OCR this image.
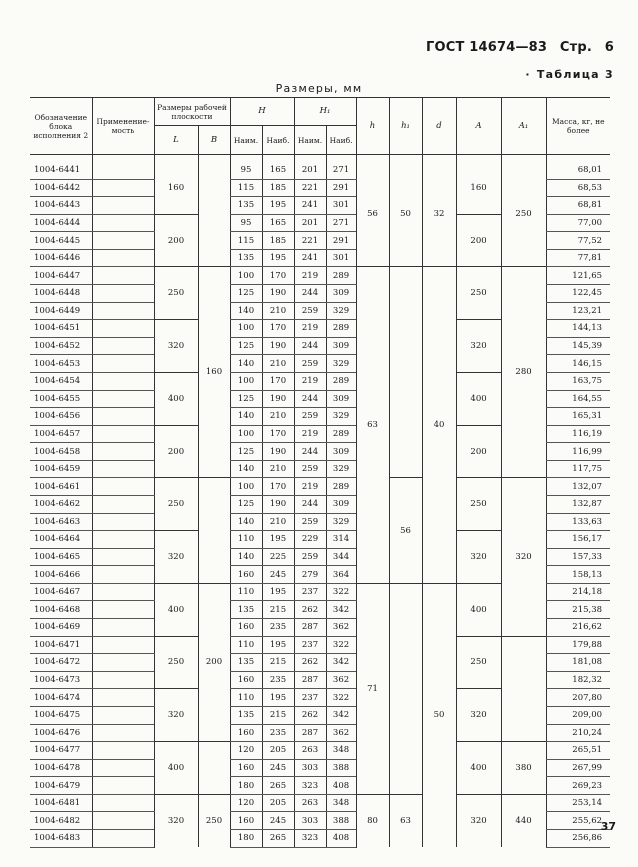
ГОСТ 14674—83 Стр. 6
· Таблица 3
Размеры, мм
Обозначение блока исполнения 2	Применение-мость	Размеры рабочей плоскости		H		H₁		h	h₁	d	A	A₁	Масса, кг, не более
		L	B	Наим.	Наиб.	Наим.	Наиб.						

1004-6441		160		95	165	201	271	56	50	32	160	250	68,01
1004-6442				115	185	221	291						68,53
1004-6443				135	195	241	301						68,81
1004-6444		200		95	165	201	271				200		77,00
1004-6445				115	185	221	291						77,52
1004-6446				135	195	241	301						77,81
1004-6447		250	160	100	170	219	289	63		40	250	280	121,65
1004-6448				125	190	244	309						122,45
1004-6449				140	210	259	329						123,21
1004-6451		320		100	170	219	289				320		144,13
1004-6452				125	190	244	309						145,39
1004-6453				140	210	259	329						146,15
1004-6454		400		100	170	219	289				400		163,75
1004-6455				125	190	244	309						164,55
1004-6456				140	210	259	329						165,31
1004-6457		200		100	170	219	289				200		116,19
1004-6458				125	190	244	309						116,99
1004-6459				140	210	259	329						117,75
1004-6461		250		100	170	219	289		56		250	320	132,07
1004-6462				125	190	244	309						132,87
1004-6463				140	210	259	329						133,63
1004-6464		320		110	195	229	314				320		156,17
1004-6465				140	225	259	344						157,33
1004-6466				160	245	279	364						158,13
1004-6467		400	200	110	195	237	322	71		50	400		214,18
1004-6468				135	215	262	342						215,38
1004-6469				160	235	287	362						216,62
1004-6471		250		110	195	237	322				250		179,88
1004-6472				135	215	262	342						181,08
1004-6473				160	235	287	362						182,32
1004-6474		320		110	195	237	322				320		207,80
1004-6475				135	215	262	342						209,00
1004-6476				160	235	287	362						210,24
1004-6477		400		120	205	263	348				400	380	265,51
1004-6478				160	245	303	388						267,99
1004-6479				180	265	323	408						269,23
1004-6481		320	250	120	205	263	348	80	63		320	440	253,14
1004-6482				160	245	303	388						255,62
1004-6483				180	265	323	408						256,86
37
